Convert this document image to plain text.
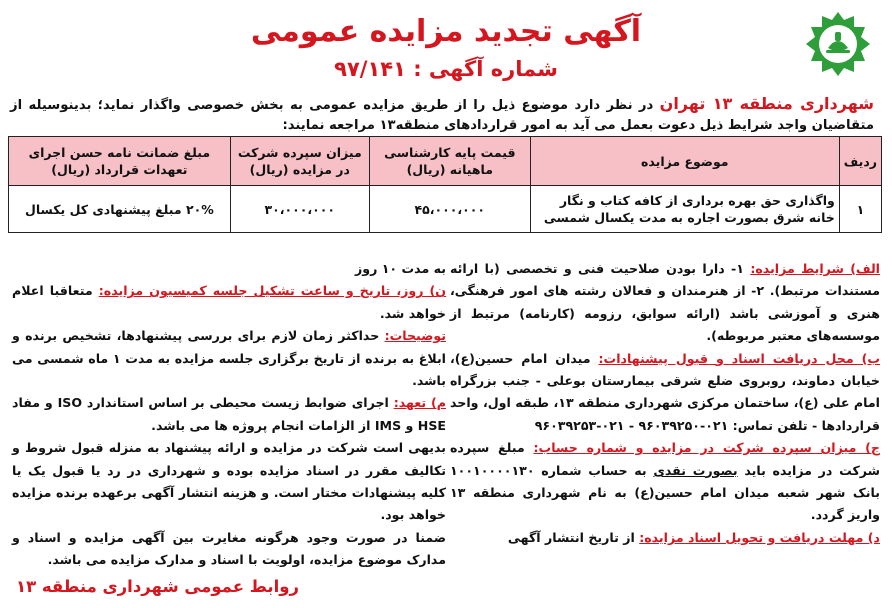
آگهی تجدید مزایده عمومی
شماره آگهی : ۹۷/۱۴۱
شهرداری منطقه ۱۳ تهران در نظر دارد موضوع ذیل را از طریق مزایده عمومی به بخش خصوصی واگذار نماید؛ بدینوسیله از متقاضیان واجد شرایط ذیل دعوت بعمل می آید به امور قراردادهای منطقه۱۳ مراجعه نمایند:
ردیف	موضوع مزایده	قیمت پایه کارشناسی ماهیانه (ریال)	میزان سپرده شرکت در مزایده (ریال)	مبلغ ضمانت نامه حسن اجرای تعهدات قرارداد (ریال)
۱	واگذاری حق بهره برداری از کافه کتاب و نگار خانه شرق بصورت اجاره به مدت یکسال شمسی	۴۵،۰۰۰،۰۰۰	۳۰،۰۰۰،۰۰۰	۲۰% مبلغ پیشنهادی کل یکسال

الف) شرایط مزایده: ۱- دارا بودن صلاحیت فنی و تخصصی (با ارائه مستندات مرتبط). ۲- از هنرمندان و فعالان رشته های امور فرهنگی، هنری و آموزشی باشد (ارائه سوابق، رزومه (کارنامه) مرتبط از موسسه‌های معتبر مربوطه).

ب) محل دریافت اسناد و قبول پیشنهادات: میدان امام حسین(ع)، خیابان دماوند، روبروی ضلع شرقی بیمارستان بوعلی - جنب بزرگراه امام علی (ع)، ساختمان مرکزی شهرداری منطقه ۱۳، طبقه اول، واحد قراردادها - تلفن تماس: ۰۲۱-۹۶۰۳۹۲۵۰ - ۰۲۱-۹۶۰۳۹۲۵۳

ج) میزان سپرده شرکت در مزایده و شماره حساب: مبلغ سپرده شرکت در مزایده باید بصورت نقدی به حساب شماره ۱۰۰۱۰۰۰۰۱۳۰ بانک شهر شعبه میدان امام حسین(ع) به نام شهرداری منطقه ۱۳ واریز گردد.

د) مهلت دریافت و تحویل اسناد مزایده: از تاریخ انتشار آگهی

به مدت ۱۰ روز

ن) روز، تاریخ و ساعت تشکیل جلسه کمیسیون مزایده: متعاقبا اعلام خواهد شد.

توضیحات: حداکثر زمان لازم برای بررسی پیشنهادها، تشخیص برنده و ابلاغ به برنده از تاریخ برگزاری جلسه مزایده به مدت ۱ ماه شمسی می باشد.

م) تعهد: اجرای ضوابط زیست محیطی بر اساس استاندارد ISO و مفاد HSE و IMS از الزامات انجام پروژه ها می باشد.

بدیهی است شرکت در مزایده و ارائه پیشنهاد به منزله قبول شروط و تکالیف مقرر در اسناد مزایده بوده و شهرداری در رد یا قبول یک یا کلیه پیشنهادات مختار است. و هزینه انتشار آگهی برعهده برنده مزایده خواهد بود.

ضمنا در صورت وجود هرگونه مغایرت بین آگهی مزایده و اسناد و مدارک موضوع مزایده، اولویت با اسناد و مدارک مزایده می باشد.

روابط عمومی شهرداری منطقه ۱۳
